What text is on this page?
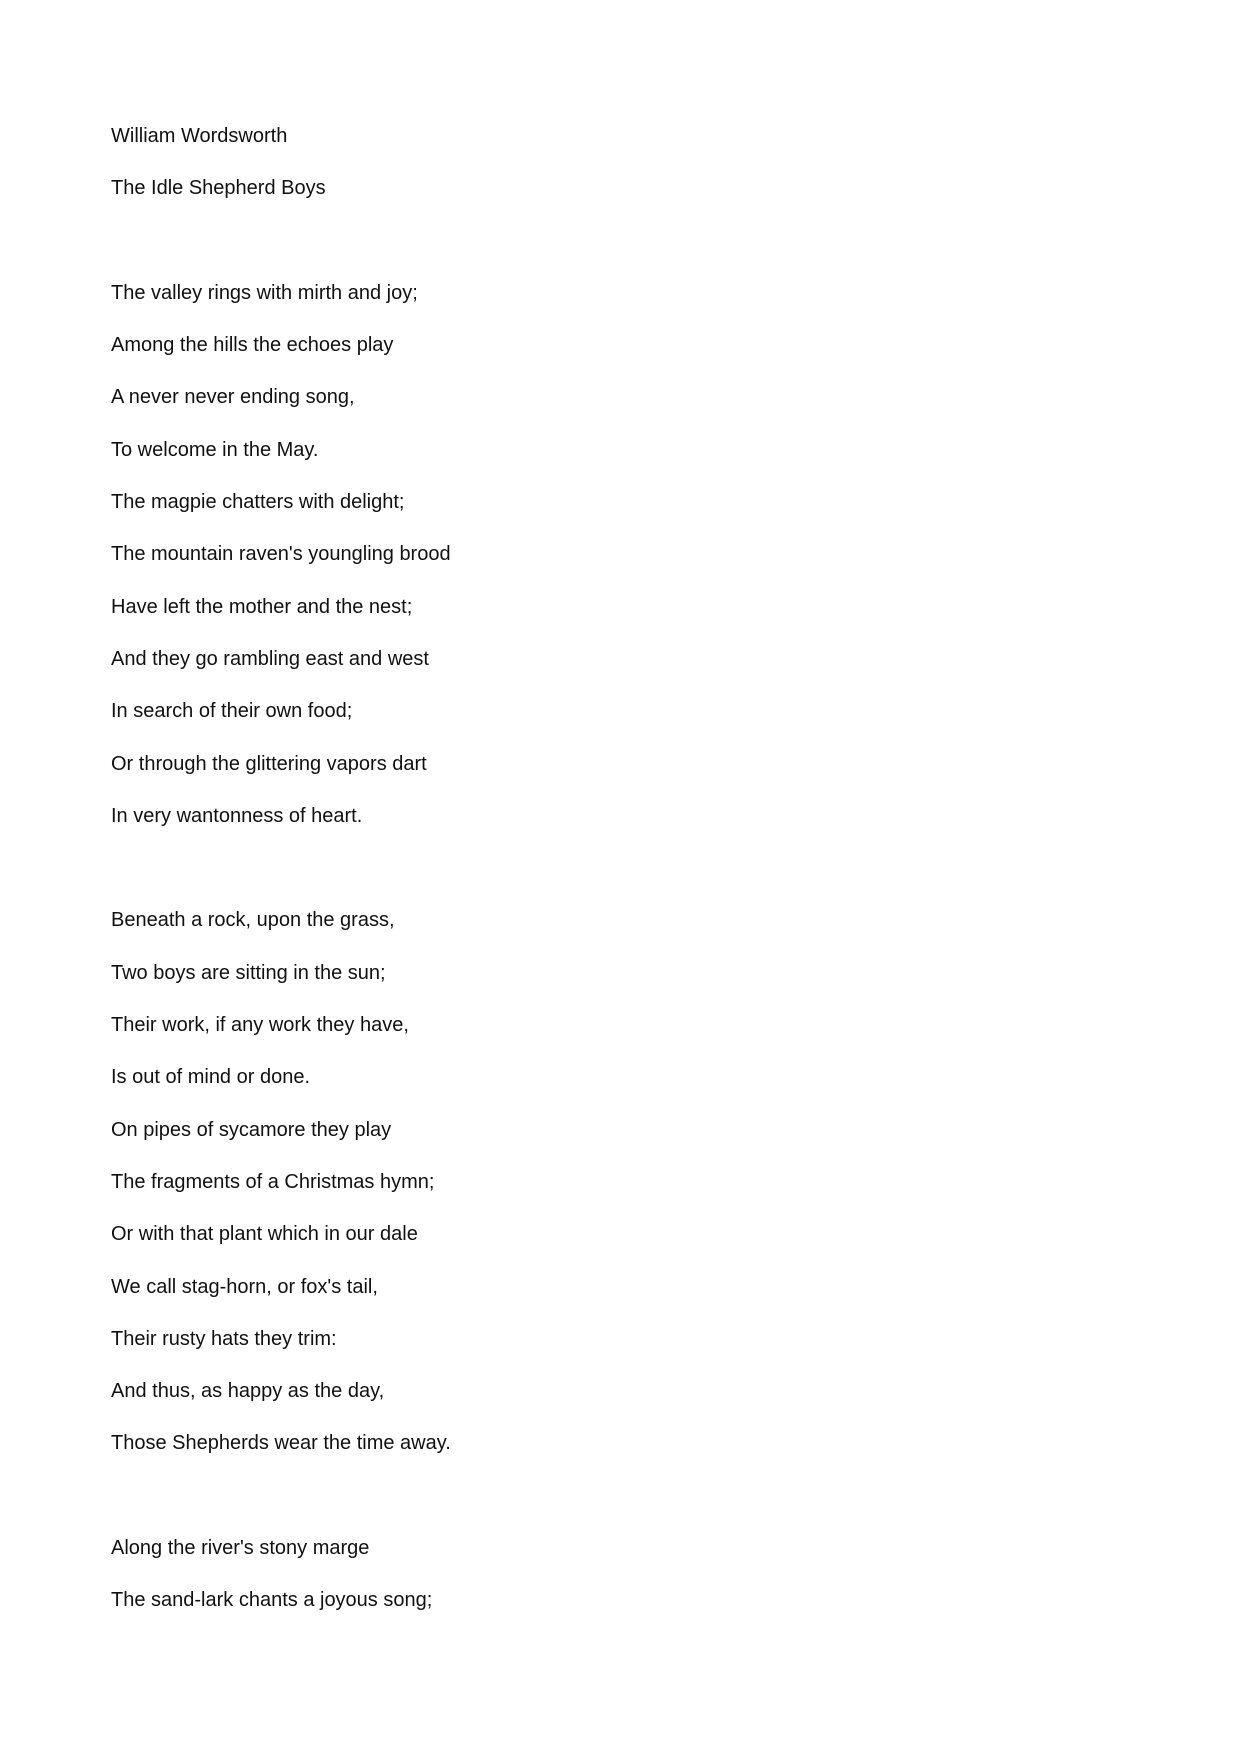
William Wordsworth
The Idle Shepherd Boys
The valley rings with mirth and joy;
Among the hills the echoes play
A never never ending song,
To welcome in the May.
The magpie chatters with delight;
The mountain raven's youngling brood
Have left the mother and the nest;
And they go rambling east and west
In search of their own food;
Or through the glittering vapors dart
In very wantonness of heart.
Beneath a rock, upon the grass,
Two boys are sitting in the sun;
Their work, if any work they have,
Is out of mind or done.
On pipes of sycamore they play
The fragments of a Christmas hymn;
Or with that plant which in our dale
We call stag-horn, or fox's tail,
Their rusty hats they trim:
And thus, as happy as the day,
Those Shepherds wear the time away.
Along the river's stony marge
The sand-lark chants a joyous song;
